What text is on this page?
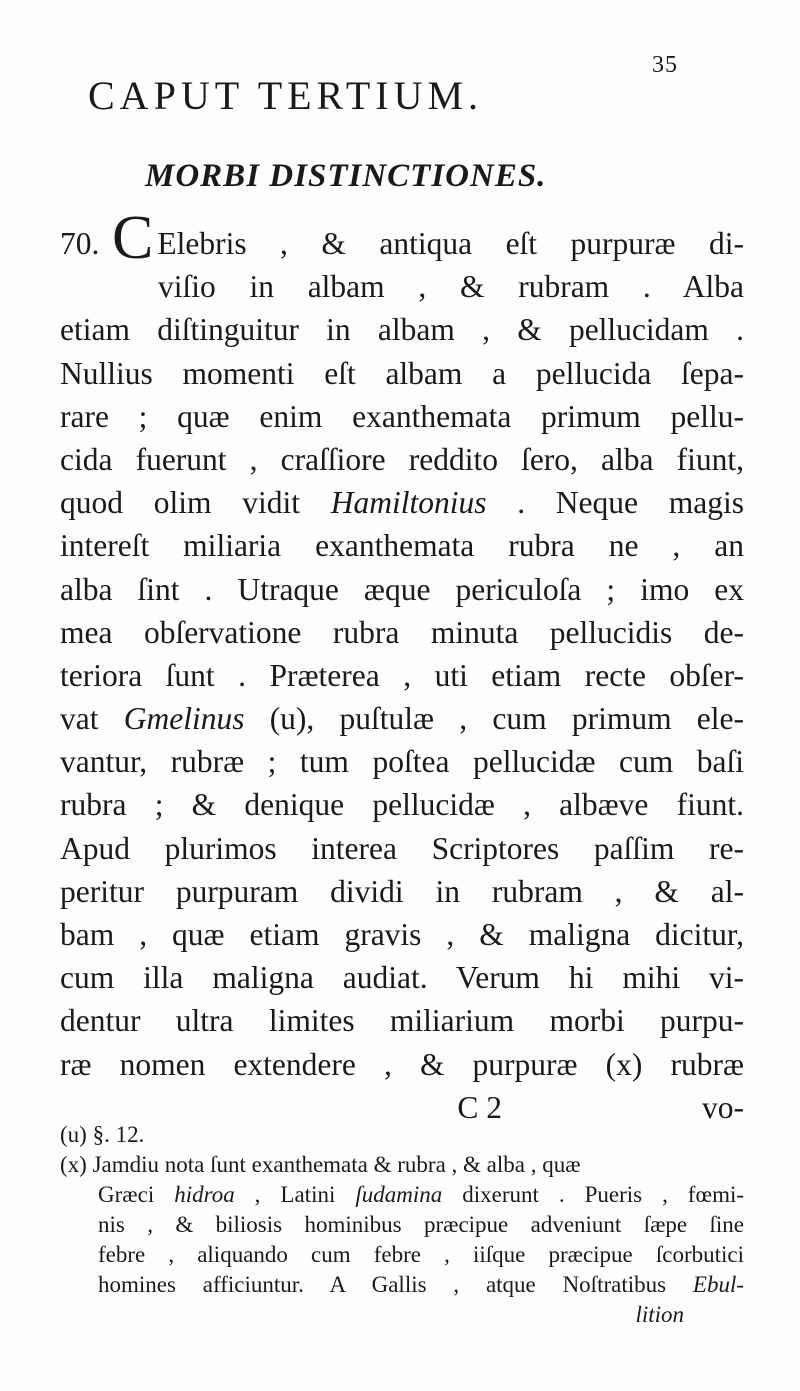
35
CAPUT TERTIUM.
MORBI DISTINCTIONES.
70. C Elebris , & antiqua eſt purpuræ di-
viſio in albam , & rubram . Alba
etiam diſtinguitur in albam , & pellucidam .
Nullius momenti eſt albam a pellucida ſepa-
rare ; quæ enim exanthemata primum pellu-
cida fuerunt , craſſiore reddito ſero, alba fiunt,
quod olim vidit Hamiltonius . Neque magis
intereſt miliaria exanthemata rubra ne , an
alba ſint . Utraque æque periculoſa ; imo ex
mea obſervatione rubra minuta pellucidis de-
teriora ſunt . Præterea , uti etiam recte obſer-
vat Gmelinus (u), puſtulæ , cum primum ele-
vantur, rubræ ; tum poſtea pellucidæ cum baſi
rubra ; & denique pellucidæ , albæve fiunt.
Apud plurimos interea Scriptores paſſim re-
peritur purpuram dividi in rubram , & al-
bam , quæ etiam gravis , & maligna dicitur,
cum illa maligna audiat. Verum hi mihi vi-
dentur ultra limites miliarium morbi purpu-
ræ nomen extendere , & purpuræ (x) rubræ
C 2	vo-
(u) §. 12.
(x) Jamdiu nota ſunt exanthemata & rubra , & alba , quæ
Græci hidroa , Latini ſudamina dixerunt . Pueris , fœmi-
nis , & biliosis hominibus præcipue adveniunt ſæpe ſine
febre , aliquando cum febre , iiſque præcipue ſcorbutici
homines afficiuntur. A Gallis , atque Noſtratibus Ebul-
lition
